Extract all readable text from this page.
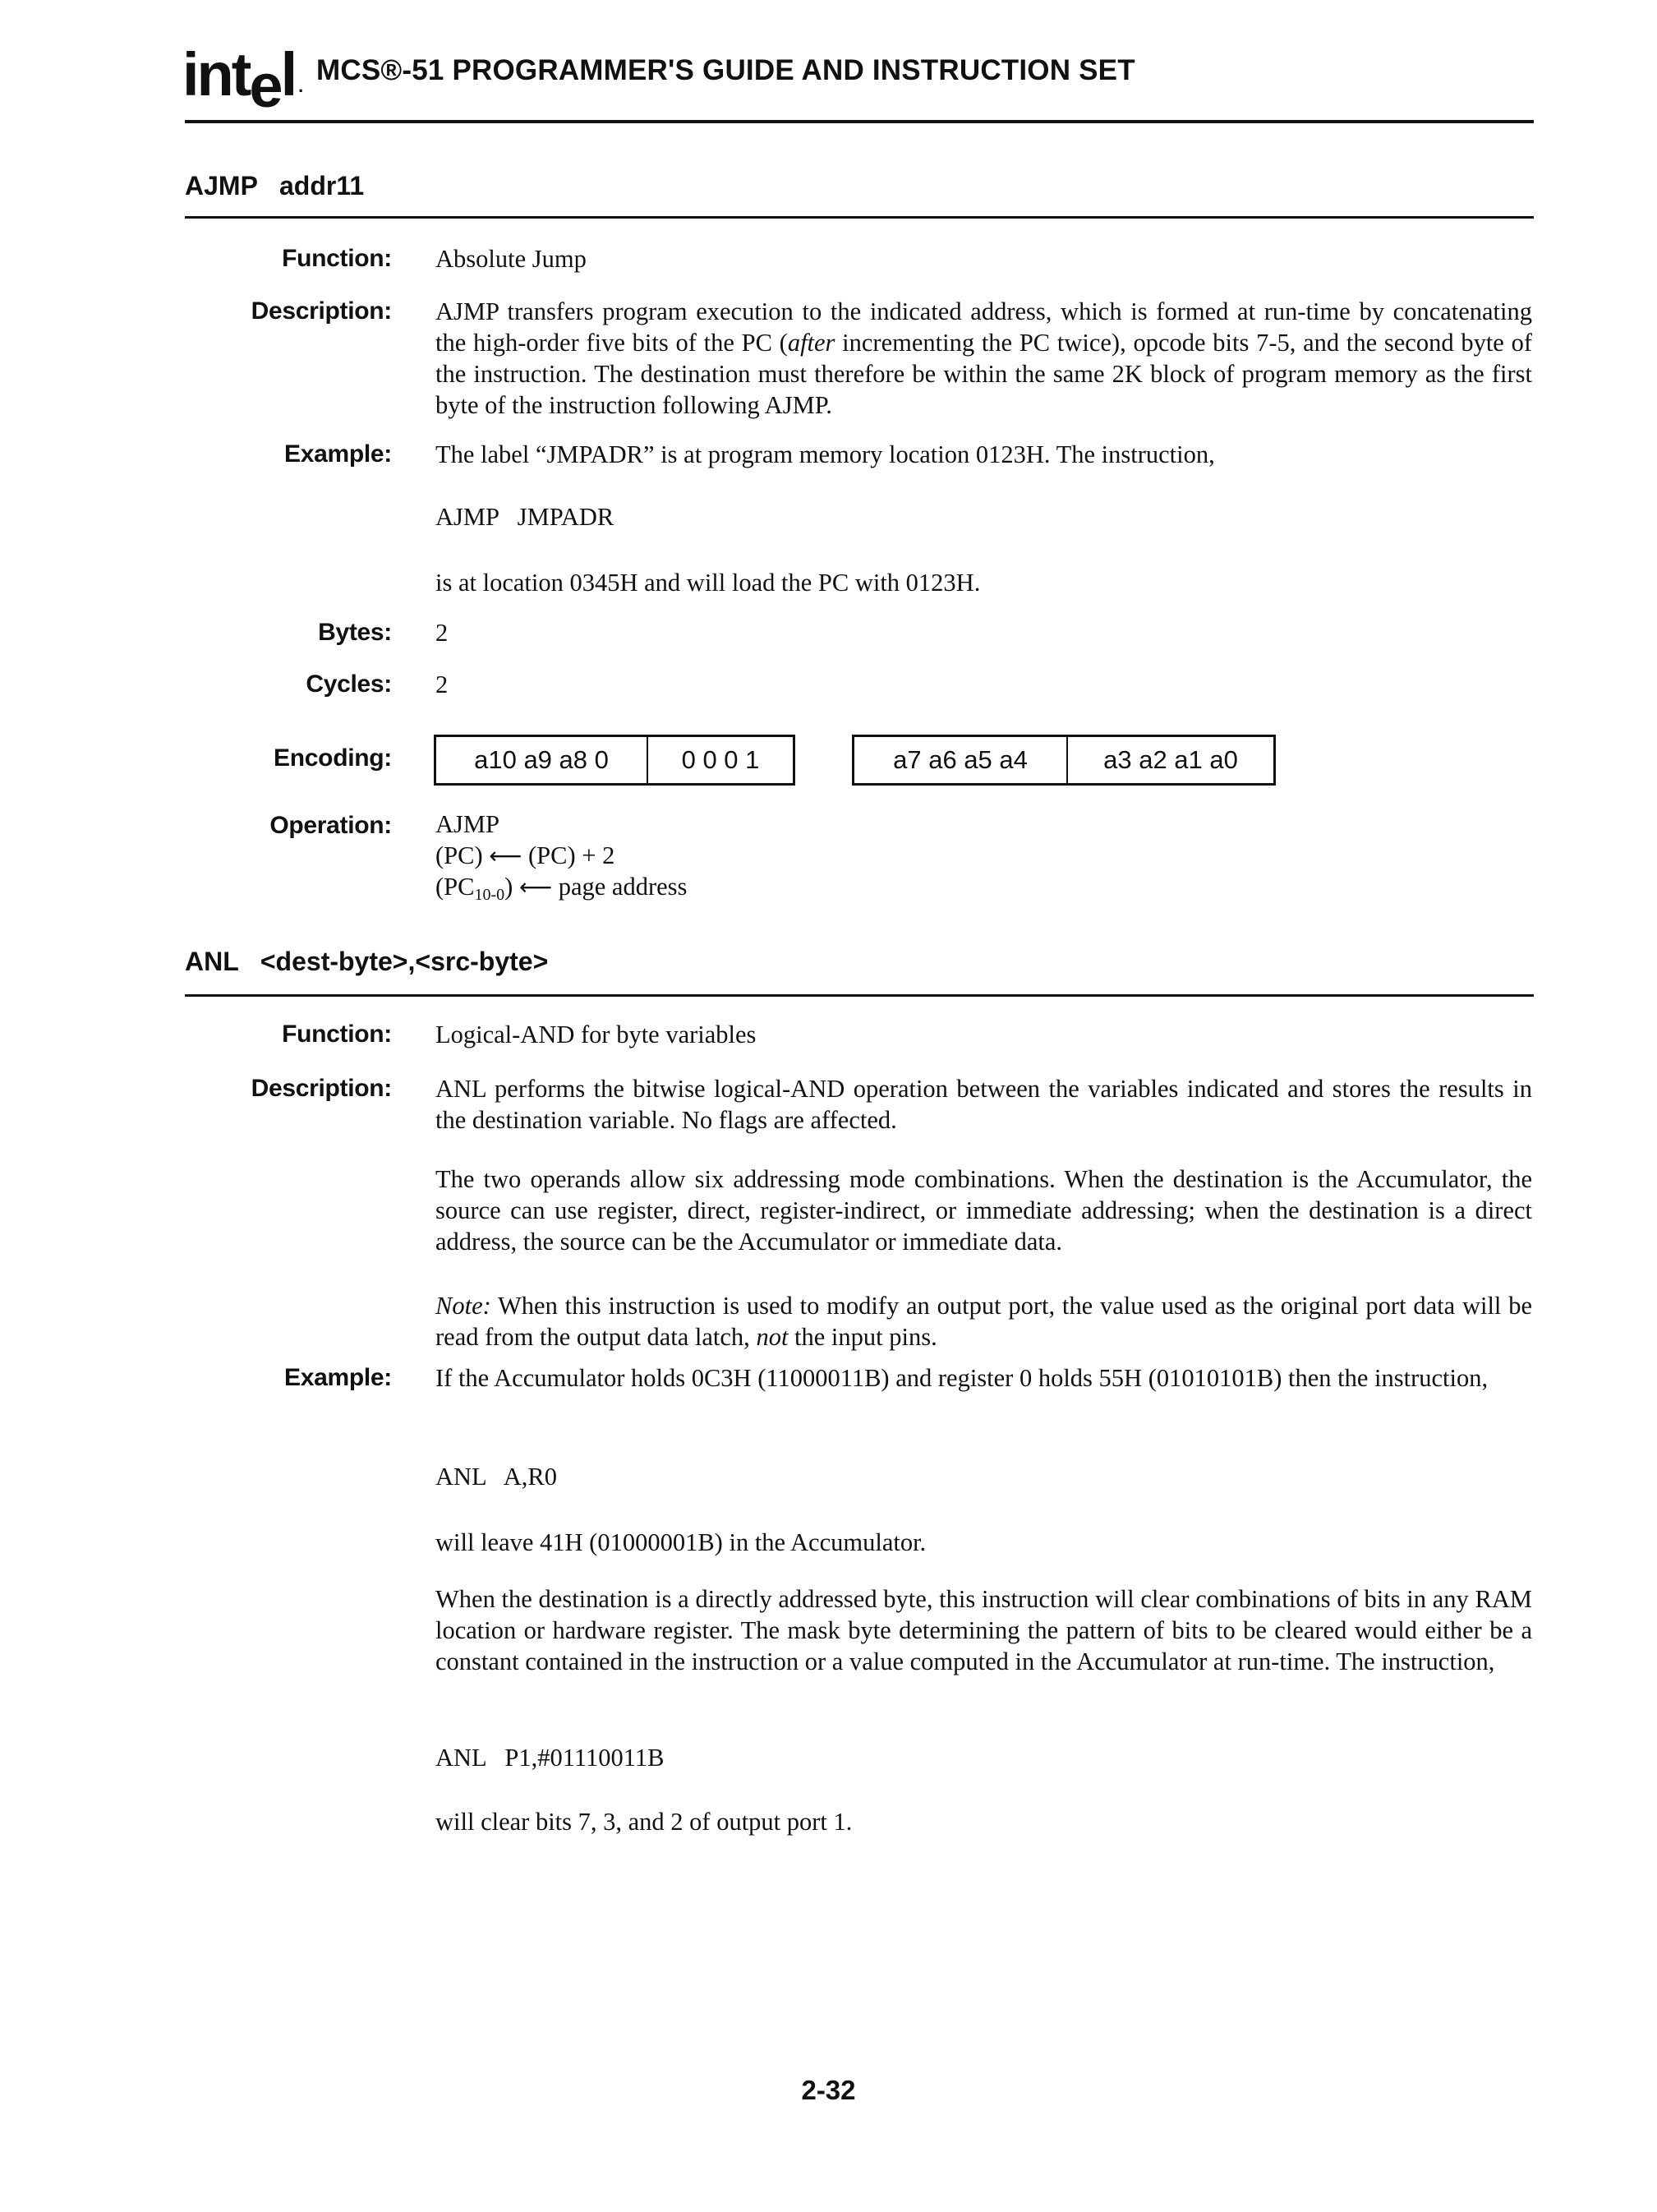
intel . MCS®-51 PROGRAMMER'S GUIDE AND INSTRUCTION SET
AJMP   addr11
Function: Absolute Jump
Description: AJMP transfers program execution to the indicated address, which is formed at run-time by concatenating the high-order five bits of the PC (after incrementing the PC twice), opcode bits 7-5, and the second byte of the instruction. The destination must therefore be within the same 2K block of program memory as the first byte of the instruction following AJMP.
Example: The label “JMPADR” is at program memory location 0123H. The instruction,
AJMP   JMPADR
is at location 0345H and will load the PC with 0123H.
Bytes: 2
Cycles: 2
Encoding:	a10 a9 a8 0	0 0 0 1	a7 a6 a5 a4	a3 a2 a1 a0
Operation: AJMP
(PC) ⟵ (PC) + 2
$(PC_{10-0})$ ⟵ page address
ANL   <dest-byte>,<src-byte>
Function: Logical-AND for byte variables
Description: ANL performs the bitwise logical-AND operation between the variables indicated and stores the results in the destination variable. No flags are affected.
The two operands allow six addressing mode combinations. When the destination is the Accumulator, the source can use register, direct, register-indirect, or immediate addressing; when the destination is a direct address, the source can be the Accumulator or immediate data.
Note: When this instruction is used to modify an output port, the value used as the original port data will be read from the output data latch, not the input pins.
Example: If the Accumulator holds 0C3H (11000011B) and register 0 holds 55H (01010101B) then the instruction,
ANL   A,R0
will leave 41H (01000001B) in the Accumulator.
When the destination is a directly addressed byte, this instruction will clear combinations of bits in any RAM location or hardware register. The mask byte determining the pattern of bits to be cleared would either be a constant contained in the instruction or a value computed in the Accumulator at run-time. The instruction,
ANL   P1,#01110011B
will clear bits 7, 3, and 2 of output port 1.
2-32
